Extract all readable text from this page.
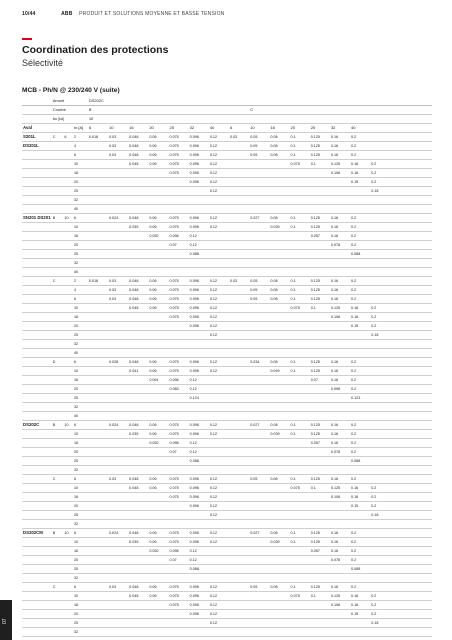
10/44	ABB PRODUIT ET SOLUTIONS MOYENNE ET BASSE TENSION
Coordination des protections
Sélectivité
MCB - Ph/N @ 230/240 V (suite)
	Amont			DS202C																
	Courbe			B								C								
	Icu [kA]			10																
Aval			In [A]	6	10	16	20	25	32	40	6	10	16	20	25	32	40			
S201L	C	6	2	0.018	0.03	0.048	0.06	0.075	0.096	0.12	0.03	0.05	0.08	0.1	0.125	0.16	0.2			
DS201L			4		0.03	0.048	0.06	0.075	0.096	0.12		0.05	0.08	0.1	0.125	0.16	0.2			
			6		0.03	0.048	0.06	0.075	0.096	0.12		0.05	0.08	0.1	0.125	0.16	0.2			
			10			0.048	0.06	0.075	0.096	0.12				0.075	0.1	0.125	0.16	0.2		
			16					0.075	0.096	0.12						0.106	0.16	0.2		
			20						0.096	0.12							0.15	0.2		
			25							0.12								0.18		
			32																	
			40																	
SN201 DS201	B	10	6		0.024	0.048	0.06	0.075	0.096	0.12		0.027	0.08	0.1	0.125	0.16	0.2			
			10			0.035	0.06	0.075	0.096	0.12			0.039	0.1	0.125	0.16	0.2			
			16				0.052	0.096	0.12						0.057	0.16	0.2			
			20					0.07	0.12							0.078	0.2			
			25						0.088								0.088			
			32																	
			40																	
	C		2	0.018	0.03	0.048	0.06	0.075	0.096	0.12	0.03	0.05	0.08	0.1	0.125	0.16	0.2			
			4		0.03	0.048	0.06	0.075	0.096	0.12		0.05	0.08	0.1	0.125	0.16	0.2			
			6		0.03	0.048	0.06	0.075	0.096	0.12		0.05	0.08	0.1	0.125	0.16	0.2			
			10			0.048	0.06	0.075	0.096	0.12				0.075	0.1	0.125	0.16	0.2		
			16					0.075	0.096	0.12						0.106	0.16	0.2		
			20						0.096	0.12							0.15	0.2		
			25							0.12								0.18		
			32																	
			40																	
	D		6		0.028	0.048	0.06	0.075	0.096	0.12		0.034	0.08	0.1	0.125	0.16	0.2			
			10			0.041	0.06	0.075	0.096	0.12			0.049	0.1	0.125	0.16	0.2			
			16				0.061	0.096	0.12						0.07	0.16	0.2			
			20					0.083	0.12							0.098	0.2			
			25						0.124								0.123			
			32																	
			40																	
DS202C	B	10	6		0.024	0.048	0.06	0.075	0.096	0.12		0.027	0.08	0.1	0.125	0.16	0.2			
			10			0.035	0.06	0.075	0.096	0.12			0.039	0.1	0.125	0.16	0.2			
			16				0.052	0.096	0.12						0.057	0.16	0.2			
			20					0.07	0.12							0.078	0.2			
			25						0.088								0.088			
			32																	
	C		6		0.03	0.048	0.06	0.075	0.096	0.12		0.05	0.08	0.1	0.125	0.16	0.2			
			10			0.048	0.06	0.075	0.096	0.12				0.075	0.1	0.125	0.16	0.2		
			16					0.075	0.096	0.12						0.106	0.16	0.2		
			20						0.096	0.12							0.15	0.2		
			25							0.12								0.18		
			32																	
DS202CM	B	10	6		0.024	0.048	0.06	0.075	0.096	0.12		0.027	0.08	0.1	0.125	0.16	0.2			
			10			0.035	0.06	0.075	0.096	0.12			0.039	0.1	0.125	0.16	0.2			
			16				0.052	0.096	0.12						0.057	0.16	0.2			
			20					0.07	0.12							0.078	0.2			
			25						0.088								0.088			
			32																	
	C		6		0.03	0.048	0.06	0.075	0.096	0.12		0.05	0.08	0.1	0.125	0.16	0.2			
			10			0.048	0.06	0.075	0.096	0.12				0.075	0.1	0.125	0.16	0.2		
			16					0.075	0.096	0.12						0.106	0.16	0.2		
			20						0.096	0.12							0.15	0.2		
			25							0.12								0.18		
			32																	
07
